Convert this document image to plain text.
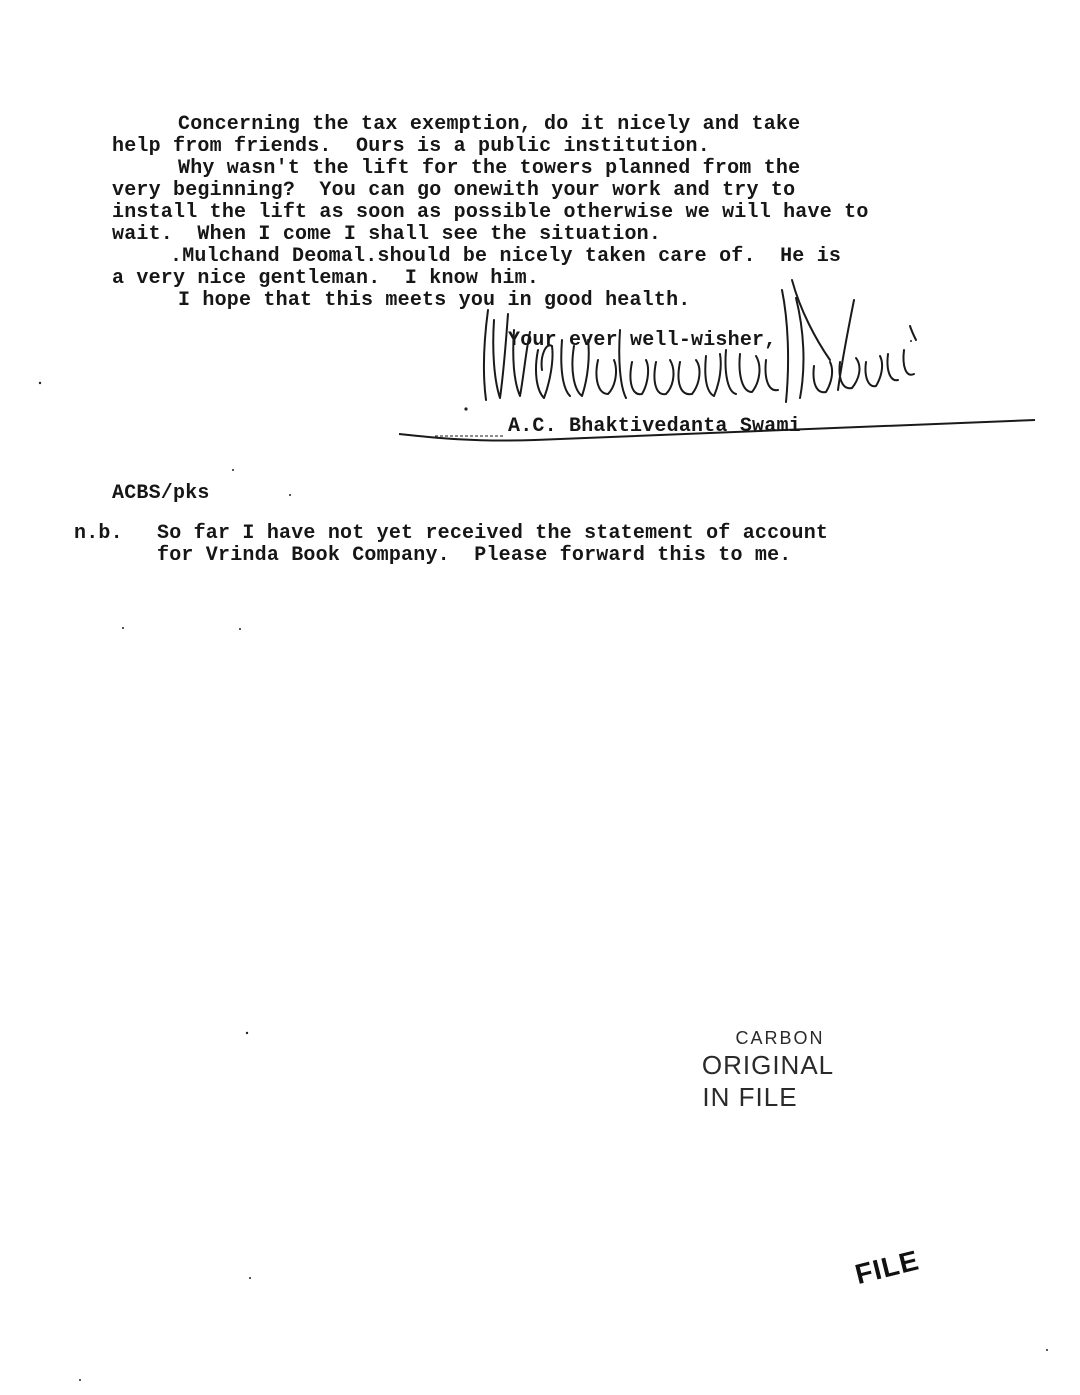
Concerning the tax exemption, do it nicely and take
help from friends.  Ours is a public institution.
Why wasn't the lift for the towers planned from the
very beginning?  You can go onewith your work and try to
install the lift as soon as possible otherwise we will have to
wait.  When I come I shall see the situation.
.Mulchand Deomal.should be nicely taken care of.  He is
a very nice gentleman.  I know him.
I hope that this meets you in good health.
Your ever well-wisher,
A.C. Bhaktivedanta Swami
ACBS/pks
n.b. So far I have not yet received the statement of account
for Vrinda Book Company.  Please forward this to me.
CARBON
ORIGINAL
IN FILE
FILE
